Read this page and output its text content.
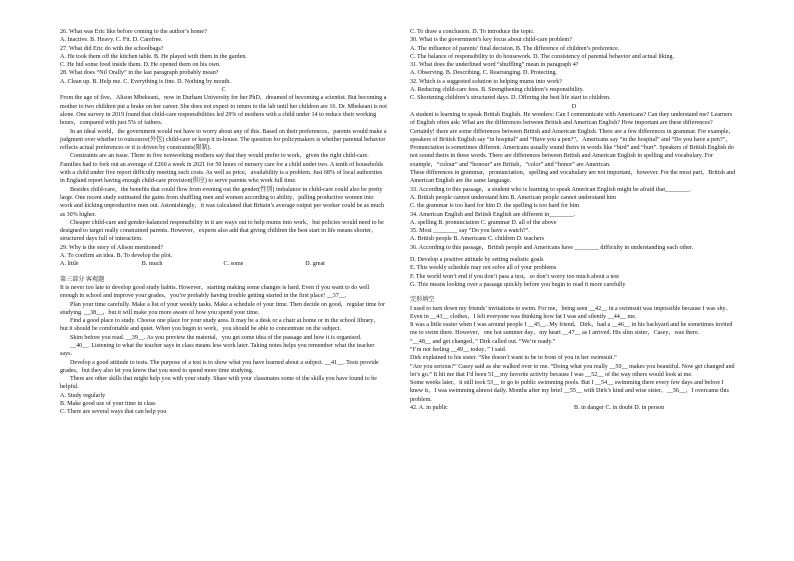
26. What was Eric like before coming to the author’s home?

A. Inactive. B. Heavy. C. Fit. D. Carefree.

27. What did Eric do with the schoolbags?

A. He took them off the kitchen table. B. He played with them in the garden.

C. He hid some food inside them. D. He opened them on his own.

28. What does “Nil Orally” in the last paragraph probably mean?

A. Clean up. B. Help me. C. Everything is fine. D. Nothing by mouth.

C

From the age of five，Alison Mbekeani，now in Durham University for her PhD，dreamed of becoming a scientist. But becoming a mother to two children put a brake on her career. She does not expect to return to the lab until her children are 16. Dr. Mbekeani is not alone. One survey in 2019 found that child-care responsibilities led 29% of mothers with a child under 14 to reduce their working hours，compared with just 5% of fathers.

In an ideal world，the government would not have to worry about any of this. Based on their preferences，parents would make a judgment over whether to outsource(外包) child-care or keep it in-house. The question for policymakers is whether parental behavior reflects actual preferences or it is driven by constraints(限制).

Constraints are an issue. Three in five nonworking mothers say that they would prefer to work，given the right child-care. Families had to fork out an average of £260 a week in 2021 for 50 hours of nursery care for a child under two. A tenth of households with a child under five report difficulty meeting such costs. As well as price，availability is a problem. Just 68% of local authorities in England report having enough child-care provision(供应) to serve parents who work full time.

Besides child-care，the benefits that could flow from evening out the gender(性别) imbalance in child-care could also be pretty large. One recent study estimated the gains from shuffling men and women according to ability，pulling productive women into work and kicking unproductive men out. Astonishingly，it was calculated that Britain’s average output per worker could be as much as 30% higher.

Cheaper child-care and gender-balanced responsibility in it are ways out to help mums into work，but policies would need to be designed to target really constrained parents. However，experts also add that giving children the best start in life means shorter，structured days full of interaction.

29. Why is the story of Alison mentioned?

A. To confirm an idea. B. To develop the plot.

A. little	B. much	C. some	D. great

第三部分 客观题

It is never too late to develop good study habits. However，starting making some changes is hard. Even if you want to do well enough in school and improve your grades，you’re probably having trouble getting started in the first place! __37__.

Plan your time carefully. Make a list of your weekly tasks. Make a schedule of your time. Then decide on good，regular time for studying. __38__，but it will make you more aware of how you spend your time.

Find a good place to study. Choose one place for your study area. It may be a desk or a chair at home or in the school library，but it should be comfortable and quiet. When you begin to work，you should be able to concentrate on the subject.

Skim before you read. __39__. As you preview the material，you get some idea of the passage and how it is organised.

__40__. Listening to what the teacher says in class means less work later. Taking notes helps you remember what the teacher says.

Develop a good attitude to tests. The purpose of a test is to show what you have learned about a subject. __41__. Tests provide grades，but they also let you know that you need to spend more time studying.

There are other skills that might help you with your study. Share with your classmates some of the skills you have found to be helpful.

A. Study regularly

B. Make good use of your time in class

C. There are several ways that can help you

C. To draw a conclusion. D. To introduce the topic.

30. What is the government’s key focus about child-care problem?

A. The influence of parents’ final decision. B. The difference of children’s preference.

C. The balance of responsibility to do housework. D. The consistency of parental behavior and actual liking.

31. What does the underlined word “shuffling” mean in paragraph 4?

A. Observing. B. Describing. C. Rearranging. D. Protecting.

32. Which is a suggested solution to helping mums into work?

A. Reducing child-care fees. B. Strengthening children’s responsibility.

C. Shortening children’s structured days. D. Offering the best life start to children.

D

A student is learning to speak British English. He wonders: Can I communicate with Americans? Can they understand me? Learners of English often ask: What are the differences between British and American English? How important are these differences?

Certainly! there are some differences between British and American English. There are a few differences in grammar. For example，speakers of British English say “in hospital” and “Have you a pen?”，Americans say “in the hospital” and “Do you have a pen?”，Pronunciation is sometimes different. Americans usually sound theirs in words like “bird” and “hurt”. Speakers of British English do not sound theirs in these words. There are differences between British and American English in spelling and vocabulary. For example，“colour” and “honour” are British，“color” and “honor” are American.

These differences in grammar，pronunciation，spelling and vocabulary are not important，however. For the most part，British and American English are the same language.

33. According to this passage，a student who is learning to speak American English might be afraid that________.

A. British people cannot understand him B. American people cannot understand him

C. the grammar is too hard for him D. the spelling is too hard for him

34. American English and British English are different in________.

A. spelling B. pronunciation C. grammar D. all of the above

35. Most ________ say “Do you have a watch?”.

A. British people B. Americans C. children D. teachers

36. According to this passage，British people and Americans have ________ difficulty in understanding each other.

D. Develop a positive attitude by setting realistic goals

E. This weekly schedule may not solve all of your problems

F. The world won’t end if you don’t pass a test，so don’t worry too much about a test

G. This means looking over a passage quickly before you begin to read it more carefully

完形填空

I used to turn down my friends’ invitations to swim. For me，being seen __42__ in a swimsuit was impossible because I was shy。Even in __43__ clothes，I felt everyone was thinking how fat I was and silently __44__ me.

It was a little easier when I was around people I __45__. My friend，Dirk，had a __46__ in his backyard and he sometimes invited me to swim there. However，one hot summer day，my heart __47__ as I arrived. His slim sister，Casey，was there.

“__48__ and get changed，” Dirk called out. “We’re ready.”

“I’m not feeling __49__ today，” I said.

Dirk explained to his sister. “She doesn’t want to be in front of you in her swimsuit.”

“Are you serious?” Casey said as she walked over to me. “Doing what you really __50__ makes you beautiful. Now get changed and let’s go.” It hit me that I’d been 51__my favorite activity because I was __52__ of the way others would look at me.

Some weeks later，it still took 53__ to go to public swimming pools. But I __54__ swimming there every few days and before I knew it，I was swimming almost daily. Months after my brief __55__ with Dirk’s kind and wise sister，__56__，I overcame this problem.

42. A. in public	B. in danger C. in doubt D. in person
